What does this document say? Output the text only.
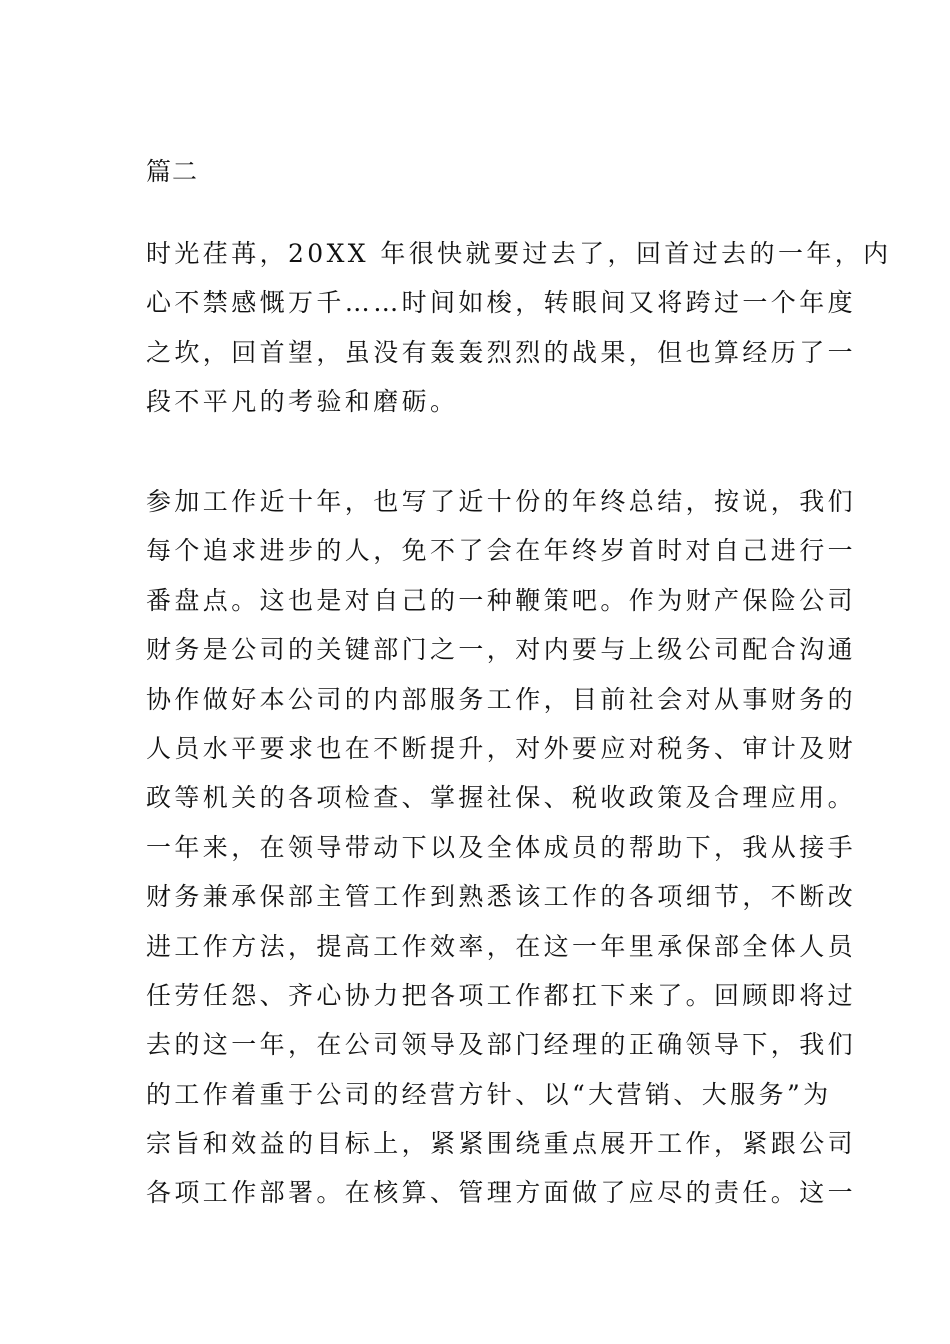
篇二
时光荏苒，20XX 年很快就要过去了，回首过去的一年，内
心不禁感慨万千……时间如梭，转眼间又将跨过一个年度
之坎，回首望，虽没有轰轰烈烈的战果，但也算经历了一
段不平凡的考验和磨砺。
参加工作近十年，也写了近十份的年终总结，按说，我们
每个追求进步的人，免不了会在年终岁首时对自己进行一
番盘点。这也是对自己的一种鞭策吧。作为财产保险公司
财务是公司的关键部门之一，对内要与上级公司配合沟通
协作做好本公司的内部服务工作，目前社会对从事财务的
人员水平要求也在不断提升，对外要应对税务、审计及财
政等机关的各项检查、掌握社保、税收政策及合理应用。
一年来，在领导带动下以及全体成员的帮助下，我从接手
财务兼承保部主管工作到熟悉该工作的各项细节，不断改
进工作方法，提高工作效率，在这一年里承保部全体人员
任劳任怨、齐心协力把各项工作都扛下来了。回顾即将过
去的这一年，在公司领导及部门经理的正确领导下，我们
的工作着重于公司的经营方针、以“大营销、大服务”为
宗旨和效益的目标上，紧紧围绕重点展开工作，紧跟公司
各项工作部署。在核算、管理方面做了应尽的责任。这一
